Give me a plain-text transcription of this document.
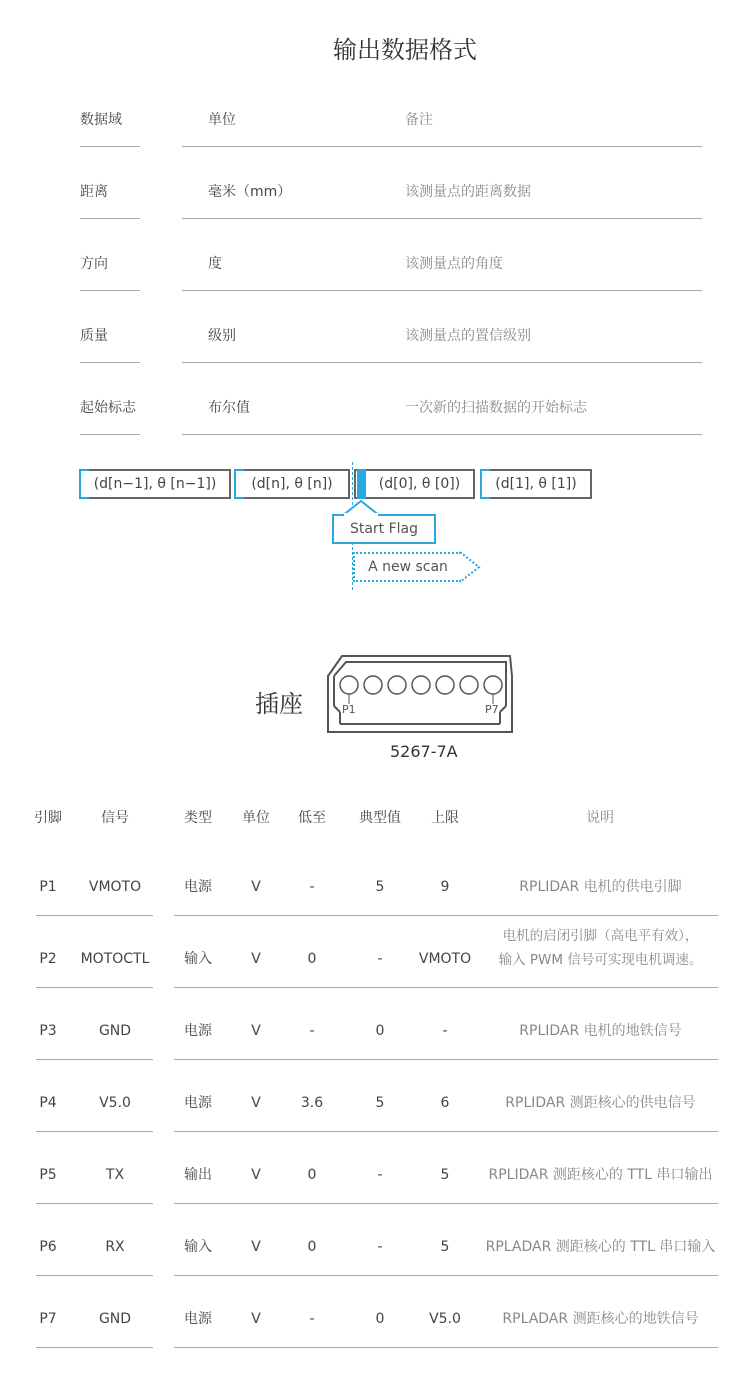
输出数据格式
数据域	单位	备注
距离	毫米（mm）	该测量点的距离数据
方向	度	该测量点的角度
质量	级别	该测量点的置信级别
起始标志	布尔值	一次新的扫描数据的开始标志
(d[n−1], θ [n−1])	(d[n], θ [n])	(d[0], θ [0])	(d[1], θ [1])
Start Flag
A new scan
插座	P1	P7
5267-7A
引脚	信号	类型	单位	低至	典型值	上限	说明
P1	VMOTO	电源	V	-	5	9	RPLIDAR 电机的供电引脚
P2	MOTOCTL	输入	V	0	-	VMOTO
电机的启闭引脚（高电平有效），
输入 PWM 信号可实现电机调速。
P3	GND	电源	V	-	0	-	RPLIDAR 电机的地铁信号
P4	V5.0	电源	V	3.6	5	6	RPLIDAR 测距核心的供电信号
P5	TX	输出	V	0	-	5	RPLIDAR 测距核心的 TTL 串口输出
P6	RX	输入	V	0	-	5	RPLADAR 测距核心的 TTL 串口输入
P7	GND	电源	V	-	0	V5.0	RPLADAR 测距核心的地铁信号
